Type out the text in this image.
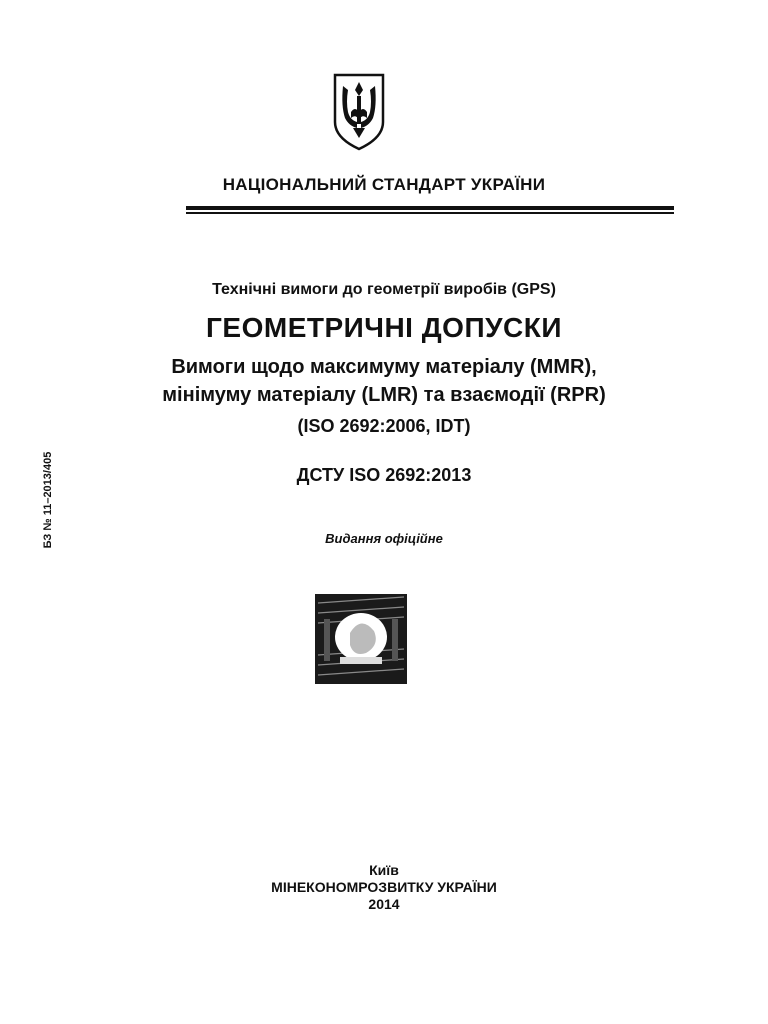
НАЦІОНАЛЬНИЙ СТАНДАРТ УКРАЇНИ
Технічні вимоги до геометрії виробів (GPS)
ГЕОМЕТРИЧНІ ДОПУСКИ
Вимоги щодо максимуму матеріалу (MMR),
мінімуму матеріалу (LMR) та взаємодії (RPR)
(ISO 2692:2006, IDT)
ДСТУ ISO 2692:2013
Видання офіційне
БЗ № 11–2013/405
Київ
МІНЕКОНОМРОЗВИТКУ УКРАЇНИ
2014
